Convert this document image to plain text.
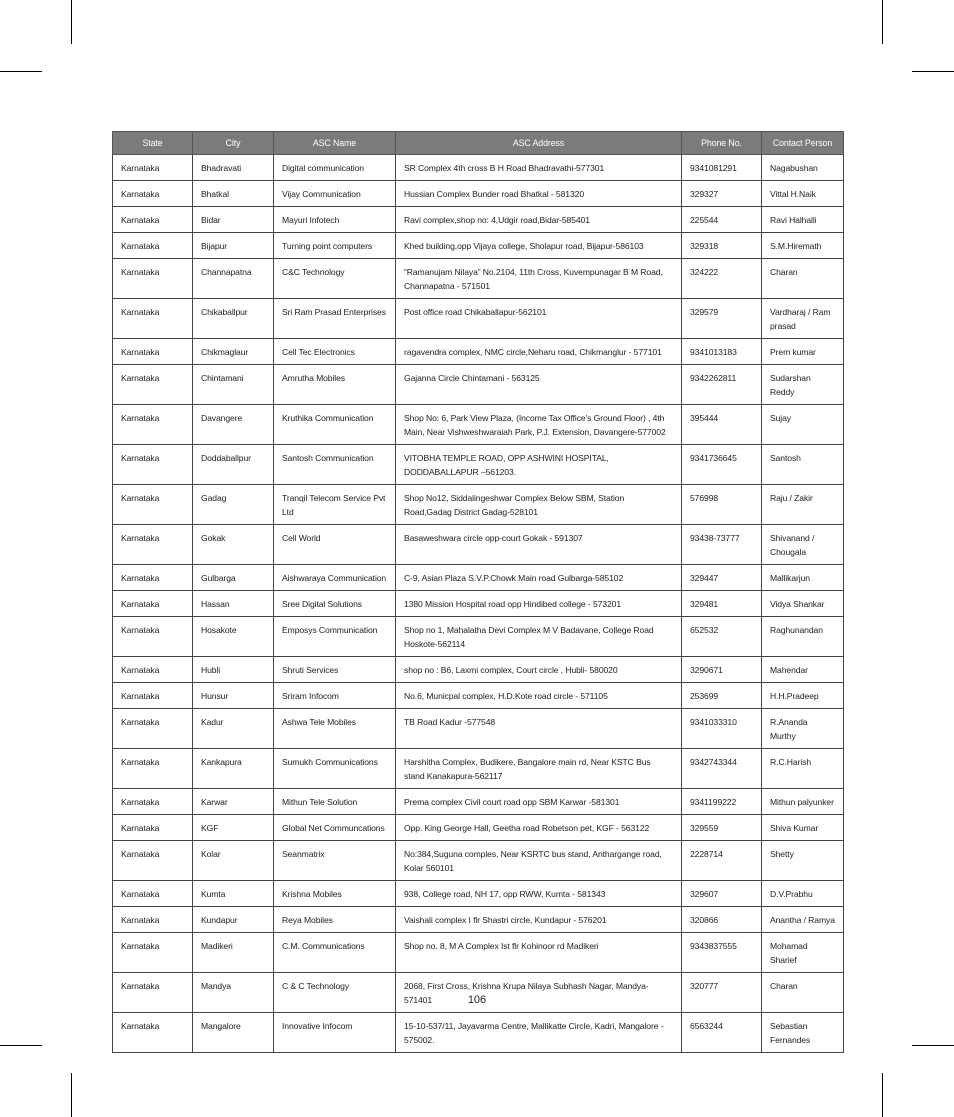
State	City	ASC Name	ASC Address	Phone No.	Contact Person
Karnataka	Bhadravati	Digital communication	SR Complex 4th cross B H Road Bhadravathi-577301	9341081291	Nagabushan
Karnataka	Bhatkal	Vijay Communication	Hussian Complex Bunder road Bhatkal - 581320	329327	Vittal H.Naik
Karnataka	Bidar	Mayuri Infotech	Ravi complex,shop no: 4,Udgir road,Bidar-585401	225544	Ravi Halhalli
Karnataka	Bijapur	Turning point computers	Khed building,opp Vijaya college, Sholapur road, Bijapur-586103	329318	S.M.Hiremath
Karnataka	Channapatna	C&C Technology	“Ramanujam Nilaya” No.2104, 11th Cross, Kuvempunagar B M Road, Channapatna - 571501	324222	Charan
Karnataka	Chikaballpur	Sri Ram Prasad Enterprises	Post office road Chikaballapur-562101	329579	Vardharaj / Ram prasad
Karnataka	Chikmaglaur	Cell Tec Electronics	ragavendra complex, NMC circle,Neharu road, Chikmanglur - 577101	9341013183	Prem kumar
Karnataka	Chintamani	Amrutha Mobiles	Gajanna Circle Chintamani - 563125	9342262811	Sudarshan Reddy
Karnataka	Davangere	Kruthika Communication	Shop No: 6, Park View Plaza, (Income Tax Office's Ground Floor) , 4th Main, Near Vishweshwaraiah Park, P.J. Extension, Davangere-577002	395444	Sujay
Karnataka	Doddaballpur	Santosh Communication	VITOBHA TEMPLE ROAD, OPP ASHWINI HOSPITAL, DODDABALLAPUR –561203.	9341736645	Santosh
Karnataka	Gadag	Tranqil Telecom Service Pvt Ltd	Shop No12, Siddalingeshwar Complex Below SBM, Station Road,Gadag District Gadag-528101	576998	Raju / Zakir
Karnataka	Gokak	Cell World	Basaweshwara circle opp-court Gokak - 591307	93438-73777	Shivanand / Chougala
Karnataka	Gulbarga	Aishwaraya Communication	C-9, Asian Plaza S.V.P.Chowk Main road Gulbarga-585102	329447	Mallikarjun
Karnataka	Hassan	Sree Digital Solutions	1380 Mission Hospital road opp Hindibed college - 573201	329481	Vidya Shankar
Karnataka	Hosakote	Emposys Communication	Shop no 1, Mahalatha Devi Complex M V Badavane, College Road Hoskote-562114	652532	Raghunandan
Karnataka	Hubli	Shruti Services	shop no : B6, Laxmi complex, Court circle , Hubli- 580020	3290671	Mahendar
Karnataka	Hunsur	Sriram Infocom	No.6, Municpal complex, H.D.Kote road circle - 571105	253699	H.H.Pradeep
Karnataka	Kadur	Ashwa Tele Mobiles	TB Road Kadur -577548	9341033310	R.Ananda Murthy
Karnataka	Kankapura	Sumukh Communications	Harshitha Complex, Budikere, Bangalore main rd, Near KSTC Bus stand Kanakapura-562117	9342743344	R.C.Harish
Karnataka	Karwar	Mithun Tele Solution	Prema complex Civil court road opp SBM Karwar -581301	9341199222	Mithun palyunker
Karnataka	KGF	Global Net Communcations	Opp. King George Hall, Geetha road Robetson pet, KGF - 563122	329559	Shiva Kumar
Karnataka	Kolar	Seanmatrix	No:384,Suguna comples, Near KSRTC bus stand, Anthargange road, Kolar 560101	2228714	Shetty
Karnataka	Kumta	Krishna Mobiles	938, College road, NH 17, opp RWW, Kumta - 581343	329607	D.V.Prabhu
Karnataka	Kundapur	Reya Mobiles	Vaishali complex I flr Shastri circle, Kundapur - 576201	320866	Anantha / Ramya
Karnataka	Madikeri	C.M. Communications	Shop no. 8, M A Complex Ist flr Kohinoor rd Madikeri	9343837555	Mohamad Sharief
Karnataka	Mandya	C & C Technology	2068, First Cross, Krishna Krupa Nilaya Subhash Nagar, Mandya-571401	320777	Charan
Karnataka	Mangalore	Innovative Infocom	15-10-537/11, Jayavarma Centre, Mallikatte Circle, Kadri, Mangalore - 575002.	6563244	Sebastian Fernandes
106
